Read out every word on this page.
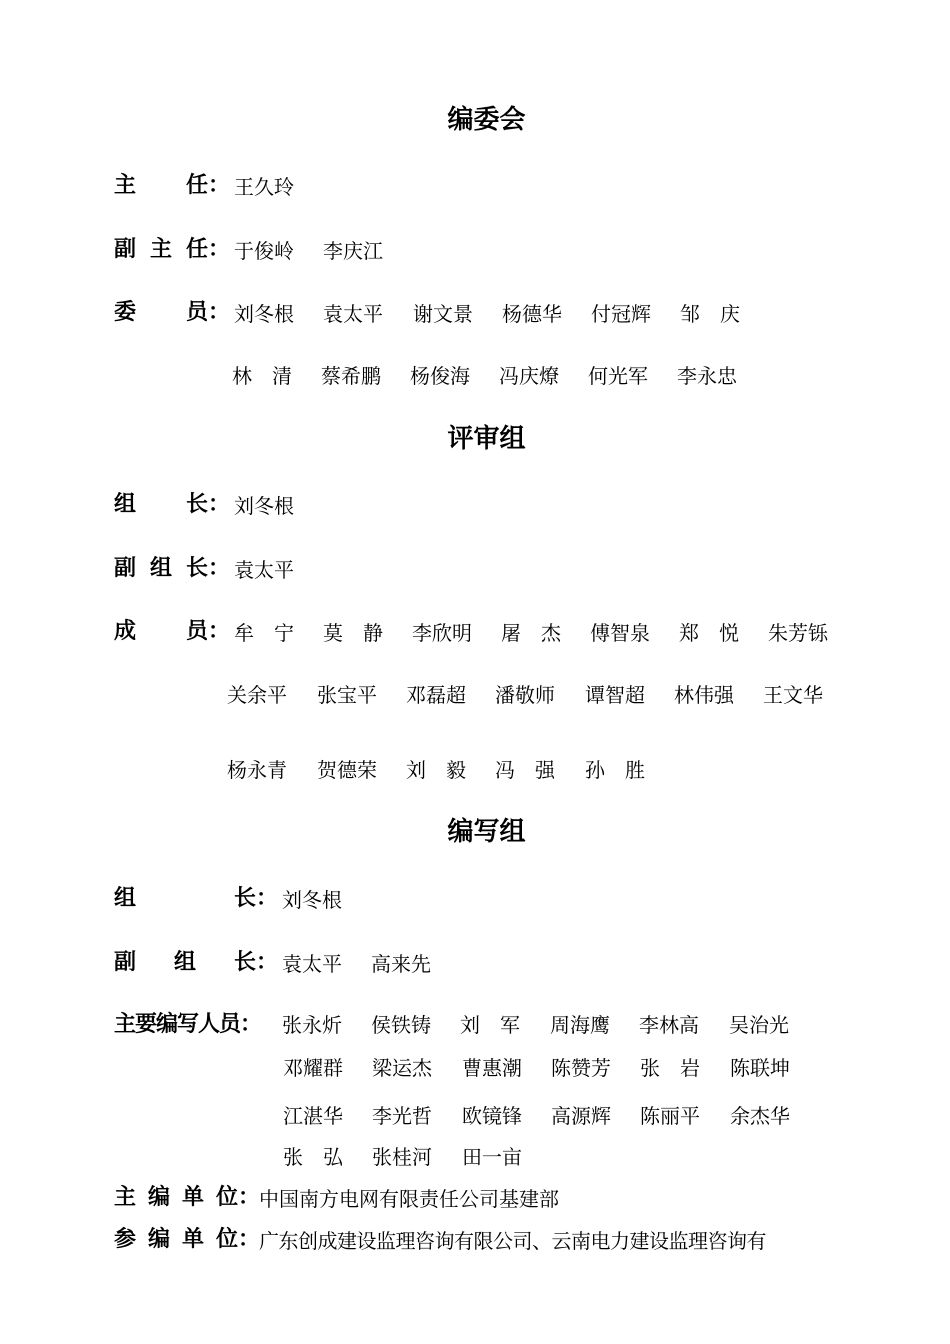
编委会
主 任： 王久玲
副 主 任： 于俊岭 李庆江
委 员： 刘冬根 袁太平 谢文景 杨德华 付冠辉 邹　庆
林　清 蔡希鹏 杨俊海 冯庆燎 何光军 李永忠
评审组
组 长： 刘冬根
副 组 长： 袁太平
成 员： 牟　宁 莫　静 李欣明 屠　杰 傅智泉 郑　悦 朱芳铄
关余平 张宝平 邓磊超 潘敬师 谭智超 林伟强 王文华
杨永青 贺德荣 刘　毅 冯　强 孙　胜
编写组
组	长： 刘冬根
副 组 长： 袁太平 高来先
主要编写人员： 张永炘 侯铁铸 刘　军 周海鹰 李林高 吴治光
邓耀群 梁运杰 曹惠潮 陈赞芳 张　岩 陈联坤
江湛华 李光哲 欧镜锋 高源辉 陈丽平 余杰华
张　弘 张桂河 田一亩
主 编 单 位：
中国南方电网有限责任公司基建部
参 编 单 位：
广东创成建设监理咨询有限公司、云南电力建设监理咨询有
